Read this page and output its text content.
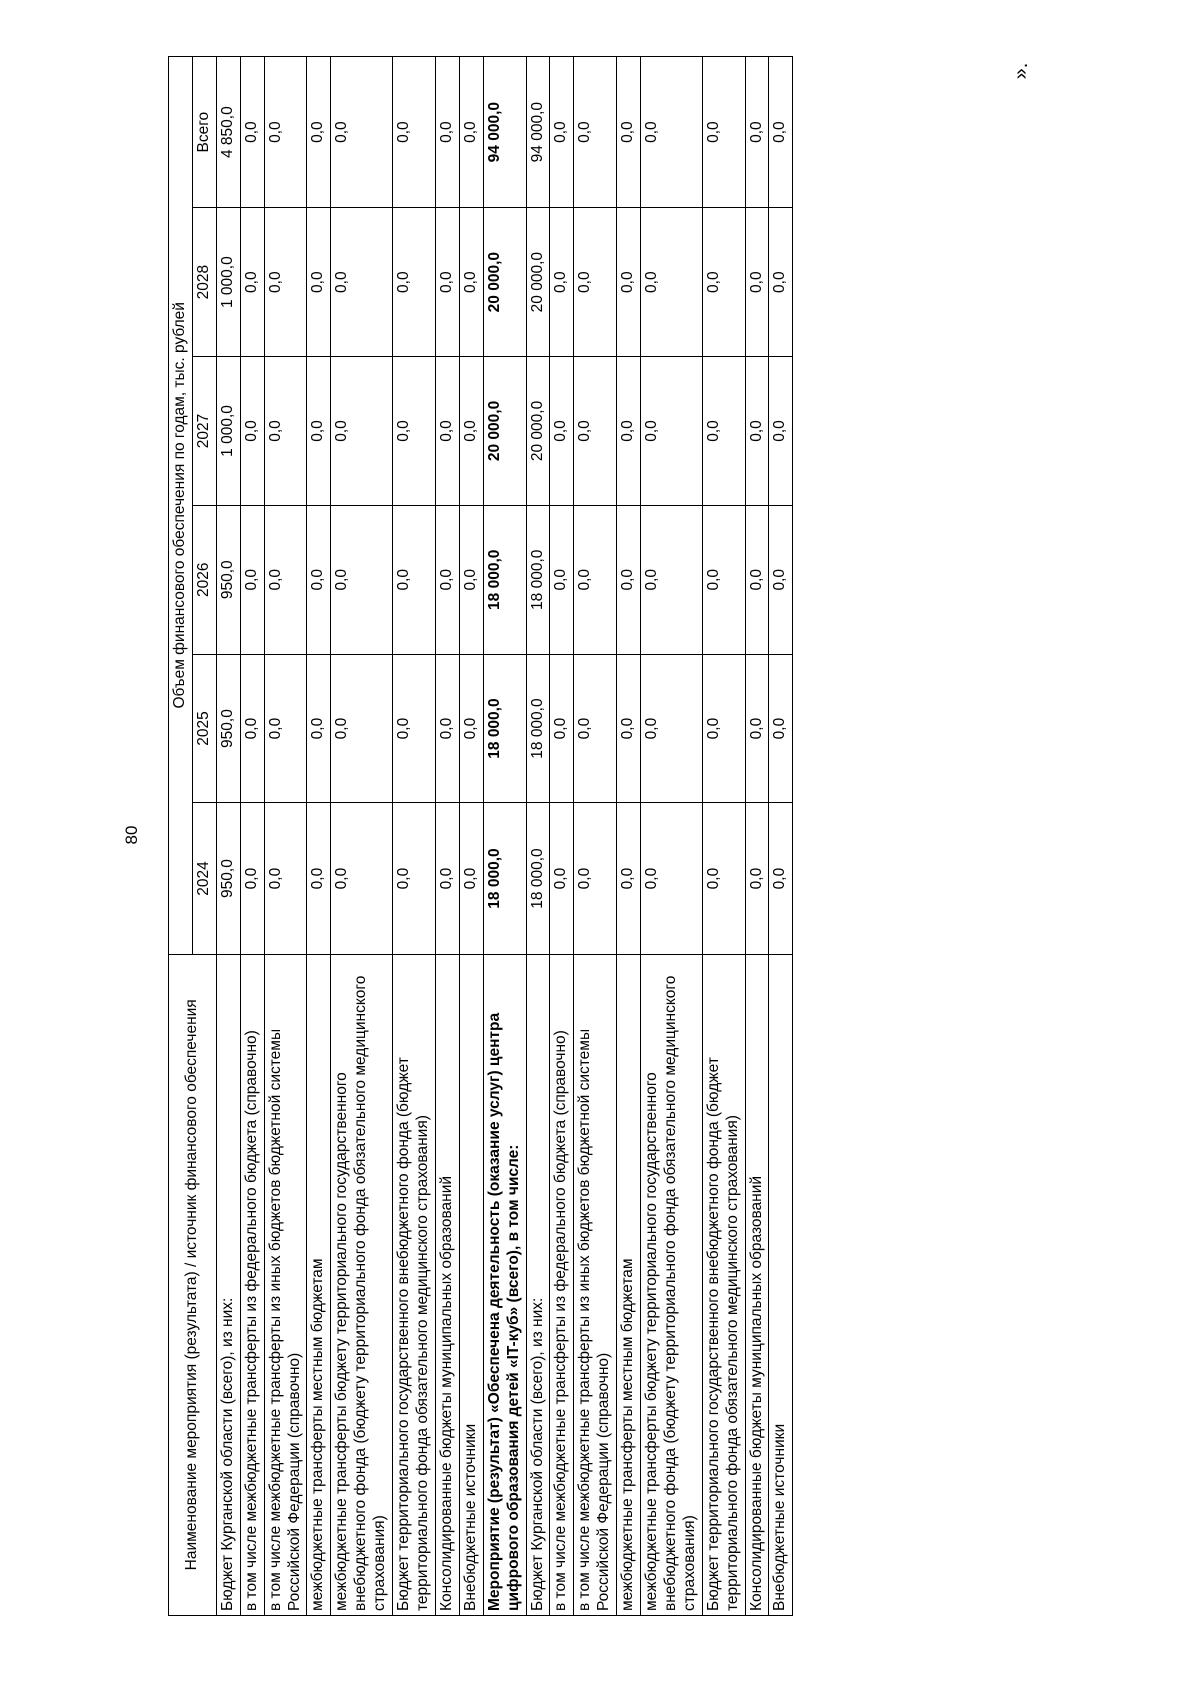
80
Наименование мероприятия (результата) / источник финансового обеспечения	Объем финансового обеспечения по годам, тыс. рублей					
	2024	2025	2026	2027	2028	Всего
Бюджет Курганской области (всего), из них:	950,0	950,0	950,0	1 000,0	1 000,0	4 850,0
в том числе межбюджетные трансферты из федерального бюджета (справочно)	0,0	0,0	0,0	0,0	0,0	0,0
в том числе межбюджетные трансферты из иных бюджетов бюджетной системы Российской Федерации (справочно)	0,0	0,0	0,0	0,0	0,0	0,0
межбюджетные трансферты местным бюджетам	0,0	0,0	0,0	0,0	0,0	0,0
межбюджетные трансферты бюджету территориального государственного внебюджетного фонда (бюджету территориального фонда обязательного медицинского страхования)	0,0	0,0	0,0	0,0	0,0	0,0
Бюджет территориального государственного внебюджетного фонда (бюджет территориального фонда обязательного медицинского страхования)	0,0	0,0	0,0	0,0	0,0	0,0
Консолидированные бюджеты муниципальных образований	0,0	0,0	0,0	0,0	0,0	0,0
Внебюджетные источники	0,0	0,0	0,0	0,0	0,0	0,0
Мероприятие (результат) «Обеспечена деятельность (оказание услуг) центра цифрового образования детей «IT-куб» (всего), в том числе:	18 000,0	18 000,0	18 000,0	20 000,0	20 000,0	94 000,0
Бюджет Курганской области (всего), из них:	18 000,0	18 000,0	18 000,0	20 000,0	20 000,0	94 000,0
в том числе межбюджетные трансферты из федерального бюджета (справочно)	0,0	0,0	0,0	0,0	0,0	0,0
в том числе межбюджетные трансферты из иных бюджетов бюджетной системы Российской Федерации (справочно)	0,0	0,0	0,0	0,0	0,0	0,0
межбюджетные трансферты местным бюджетам	0,0	0,0	0,0	0,0	0,0	0,0
межбюджетные трансферты бюджету территориального государственного внебюджетного фонда (бюджету территориального фонда обязательного медицинского страхования)	0,0	0,0	0,0	0,0	0,0	0,0
Бюджет территориального государственного внебюджетного фонда (бюджет территориального фонда обязательного медицинского страхования)	0,0	0,0	0,0	0,0	0,0	0,0
Консолидированные бюджеты муниципальных образований	0,0	0,0	0,0	0,0	0,0	0,0
Внебюджетные источники	0,0	0,0	0,0	0,0	0,0	0,0
».
